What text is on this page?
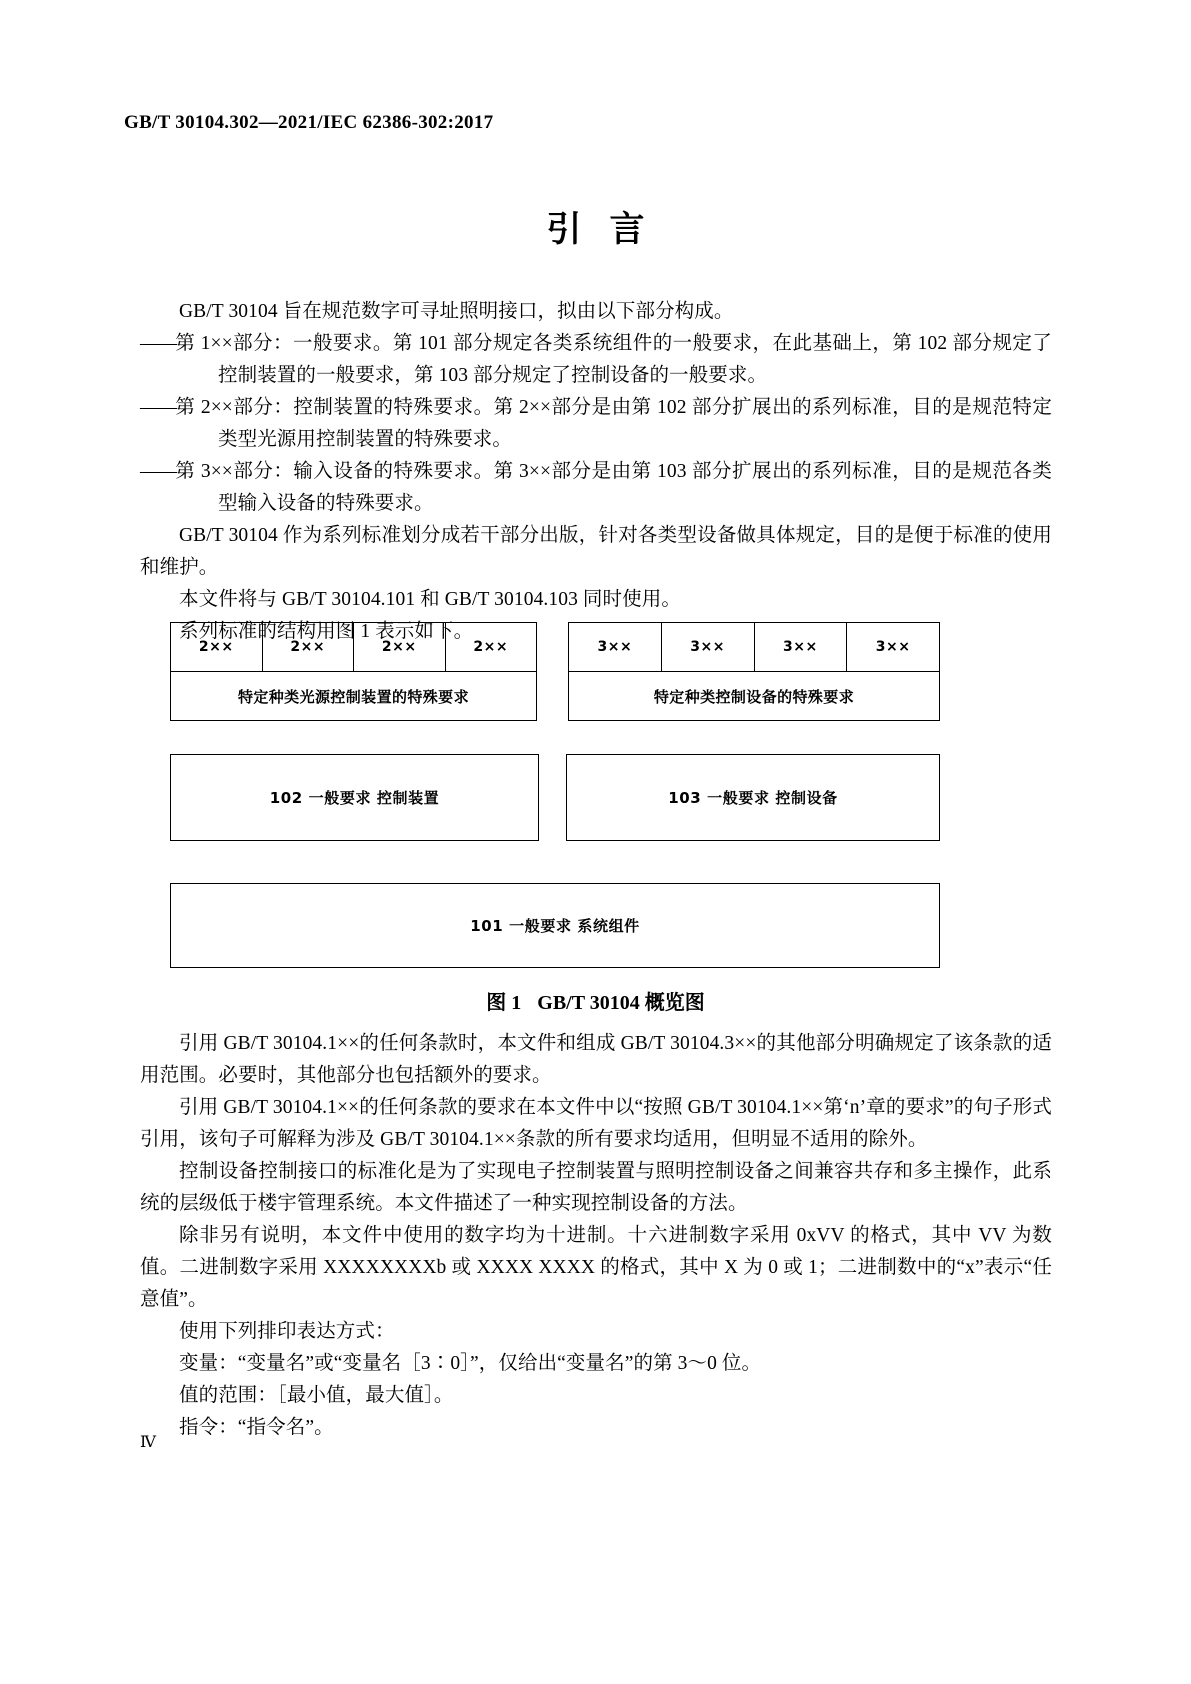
GB/T 30104.302—2021/IEC 62386-302:2017
引言

GB/T 30104 旨在规范数字可寻址照明接口，拟由以下部分构成。

——第 1××部分：一般要求。第 101 部分规定各类系统组件的一般要求，在此基础上，第 102 部分规定了控制装置的一般要求，第 103 部分规定了控制设备的一般要求。

——第 2××部分：控制装置的特殊要求。第 2××部分是由第 102 部分扩展出的系列标准，目的是规范特定类型光源用控制装置的特殊要求。

——第 3××部分：输入设备的特殊要求。第 3××部分是由第 103 部分扩展出的系列标准，目的是规范各类型输入设备的特殊要求。

GB/T 30104 作为系列标准划分成若干部分出版，针对各类型设备做具体规定，目的是便于标准的使用和维护。

本文件将与 GB/T 30104.101 和 GB/T 30104.103 同时使用。

系列标准的结构用图 1 表示如下。

2××	2××	2××	2××
特定种类光源控制装置的特殊要求
3××	3××	3××	3××
特定种类控制设备的特殊要求
102 一般要求 控制装置	103 一般要求 控制设备
101 一般要求 系统组件
图 1 GB/T 30104 概览图

引用 GB/T 30104.1××的任何条款时，本文件和组成 GB/T 30104.3××的其他部分明确规定了该条款的适用范围。必要时，其他部分也包括额外的要求。

引用 GB/T 30104.1××的任何条款的要求在本文件中以“按照 GB/T 30104.1××第‘n’章的要求”的句子形式引用，该句子可解释为涉及 GB/T 30104.1××条款的所有要求均适用，但明显不适用的除外。

控制设备控制接口的标准化是为了实现电子控制装置与照明控制设备之间兼容共存和多主操作，此系统的层级低于楼宇管理系统。本文件描述了一种实现控制设备的方法。

除非另有说明，本文件中使用的数字均为十进制。十六进制数字采用 0xVV 的格式，其中 VV 为数值。二进制数字采用 XXXXXXXXb 或 XXXX XXXX 的格式，其中 X 为 0 或 1；二进制数中的“x”表示“任意值”。

使用下列排印表达方式：

变量：“变量名”或“变量名［3∶0］”，仅给出“变量名”的第 3～0 位。

值的范围：［最小值，最大值］。

指令：“指令名”。

Ⅳ
